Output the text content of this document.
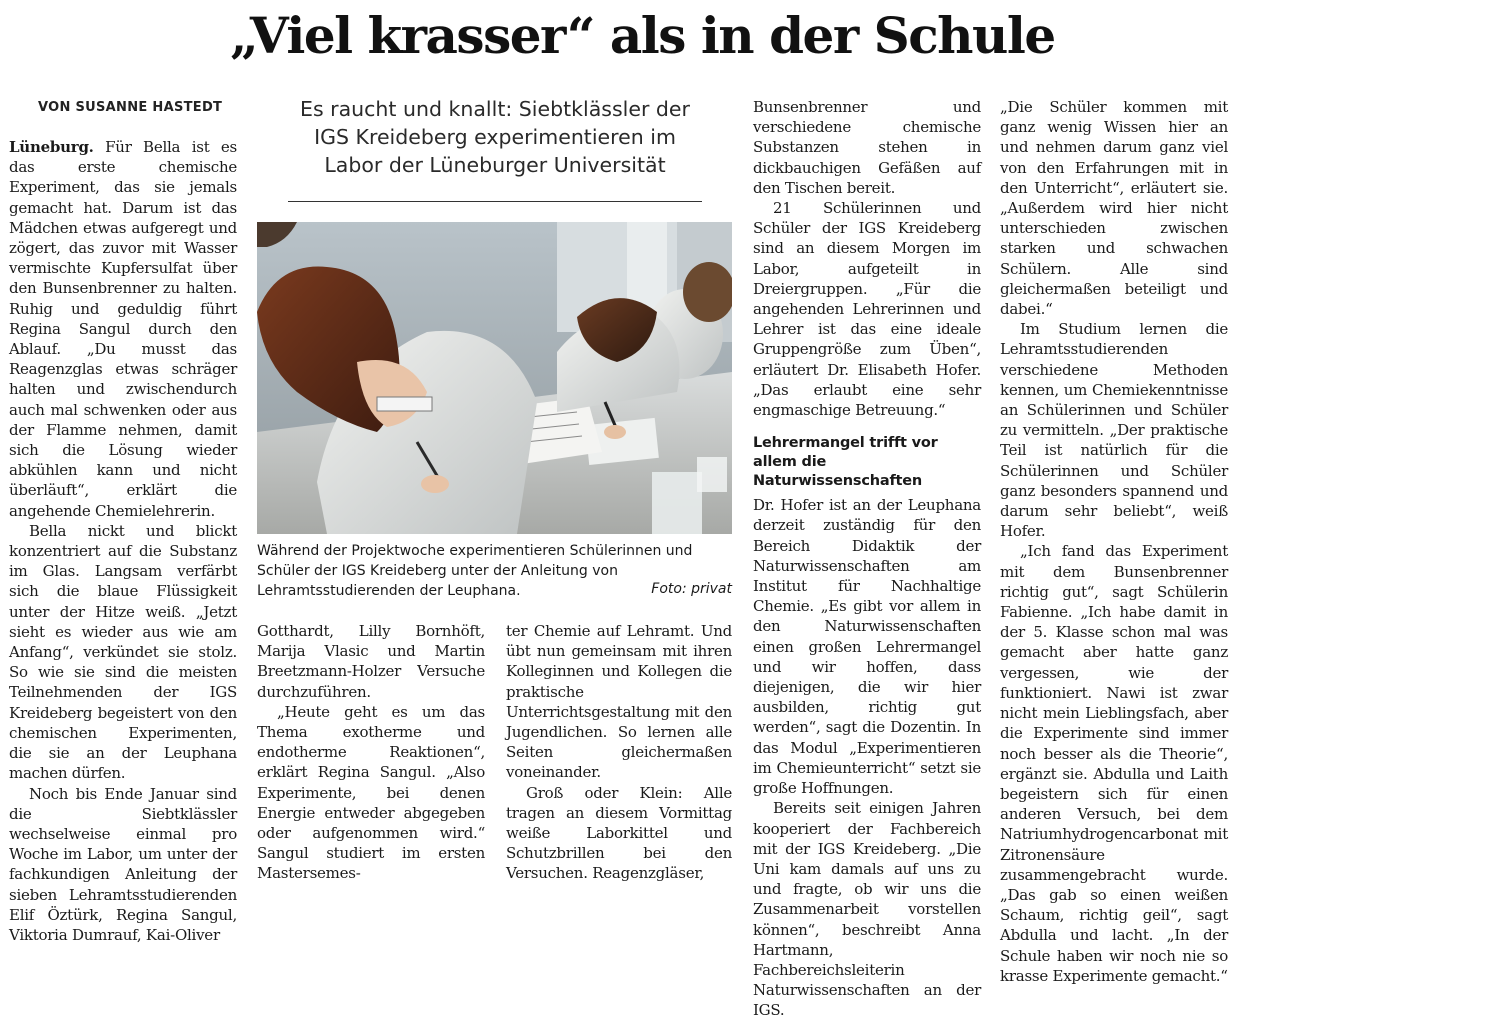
„Viel krasser“ als in der Schule
VON SUSANNE HASTEDT	Es raucht und knallt: Siebtklässler der IGS Kreideberg experimentieren im Labor der Lüneburger Universität

Lüneburg. Für Bella ist es das erste chemische Experiment, das sie jemals gemacht hat. Darum ist das Mädchen etwas aufgeregt und zögert, das zuvor mit Wasser vermischte Kupfersulfat über den Bunsenbrenner zu halten. Ruhig und geduldig führt Regina Sangul durch den Ablauf. „Du musst das Reagenzglas etwas schräger halten und zwischendurch auch mal schwenken oder aus der Flamme nehmen, damit sich die Lösung wieder abkühlen kann und nicht überläuft“, erklärt die angehende Chemielehrerin.

Bella nickt und blickt konzentriert auf die Substanz im Glas. Langsam verfärbt sich die blaue Flüssigkeit unter der Hitze weiß. „Jetzt sieht es wieder aus wie am Anfang“, verkündet sie stolz. So wie sie sind die meisten Teilnehmenden der IGS Kreideberg begeistert von den chemischen Experimenten, die sie an der Leuphana machen dürfen.

Noch bis Ende Januar sind die Siebtklässler wechselweise einmal pro Woche im Labor, um unter der fachkundigen Anleitung der sieben Lehramtsstudierenden Elif Öztürk, Regina Sangul, Viktoria Dumrauf, Kai-Oliver

Während der Projektwoche experimentieren Schülerinnen und Schüler der IGS Kreideberg unter der Anleitung von Lehramtsstudierenden der Leuphana.	Foto: privat

Gotthardt, Lilly Bornhöft, Marija Vlasic und Martin Breetzmann-Holzer Versuche durchzuführen.

„Heute geht es um das Thema exotherme und endotherme Reaktionen“, erklärt Regina Sangul. „Also Experimente, bei denen Energie entweder abgegeben oder aufgenommen wird.“ Sangul studiert im ersten Mastersemes-

ter Chemie auf Lehramt. Und übt nun gemeinsam mit ihren Kolleginnen und Kollegen die praktische Unterrichtsgestaltung mit den Jugendlichen. So lernen alle Seiten gleichermaßen voneinander.

Groß oder Klein: Alle tragen an diesem Vormittag weiße Laborkittel und Schutzbrillen bei den Versuchen. Reagenzgläser,

Bunsenbrenner und verschiedene chemische Substanzen stehen in dickbauchigen Gefäßen auf den Tischen bereit.

21 Schülerinnen und Schüler der IGS Kreideberg sind an diesem Morgen im Labor, aufgeteilt in Dreiergruppen. „Für die angehenden Lehrerinnen und Lehrer ist das eine ideale Gruppengröße zum Üben“, erläutert Dr. Elisabeth Hofer. „Das erlaubt eine sehr engmaschige Betreuung.“

Lehrermangel trifft vor allem die Naturwissenschaften

Dr. Hofer ist an der Leuphana derzeit zuständig für den Bereich Didaktik der Naturwissenschaften am Institut für Nachhaltige Chemie. „Es gibt vor allem in den Naturwissenschaften einen großen Lehrermangel und wir hoffen, dass diejenigen, die wir hier ausbilden, richtig gut werden“, sagt die Dozentin. In das Modul „Experimentieren im Chemieunterricht“ setzt sie große Hoffnungen.

Bereits seit einigen Jahren kooperiert der Fachbereich mit der IGS Kreideberg. „Die Uni kam damals auf uns zu und fragte, ob wir uns die Zusammenarbeit vorstellen können“, beschreibt Anna Hartmann, Fachbereichsleiterin Naturwissenschaften an der IGS.

„Die Schüler kommen mit ganz wenig Wissen hier an und nehmen darum ganz viel von den Erfahrungen mit in den Unterricht“, erläutert sie. „Außerdem wird hier nicht unterschieden zwischen starken und schwachen Schülern. Alle sind gleichermaßen beteiligt und dabei.“

Im Studium lernen die Lehramtsstudierenden verschiedene Methoden kennen, um Chemiekenntnisse an Schülerinnen und Schüler zu vermitteln. „Der praktische Teil ist natürlich für die Schülerinnen und Schüler ganz besonders spannend und darum sehr beliebt“, weiß Hofer.

„Ich fand das Experiment mit dem Bunsenbrenner richtig gut“, sagt Schülerin Fabienne. „Ich habe damit in der 5. Klasse schon mal was gemacht aber hatte ganz vergessen, wie der funktioniert. Nawi ist zwar nicht mein Lieblingsfach, aber die Experimente sind immer noch besser als die Theorie“, ergänzt sie. Abdulla und Laith begeistern sich für einen anderen Versuch, bei dem Natriumhydrogencarbonat mit Zitronensäure zusammengebracht wurde. „Das gab so einen weißen Schaum, richtig geil“, sagt Abdulla und lacht. „In der Schule haben wir noch nie so krasse Experimente gemacht.“
